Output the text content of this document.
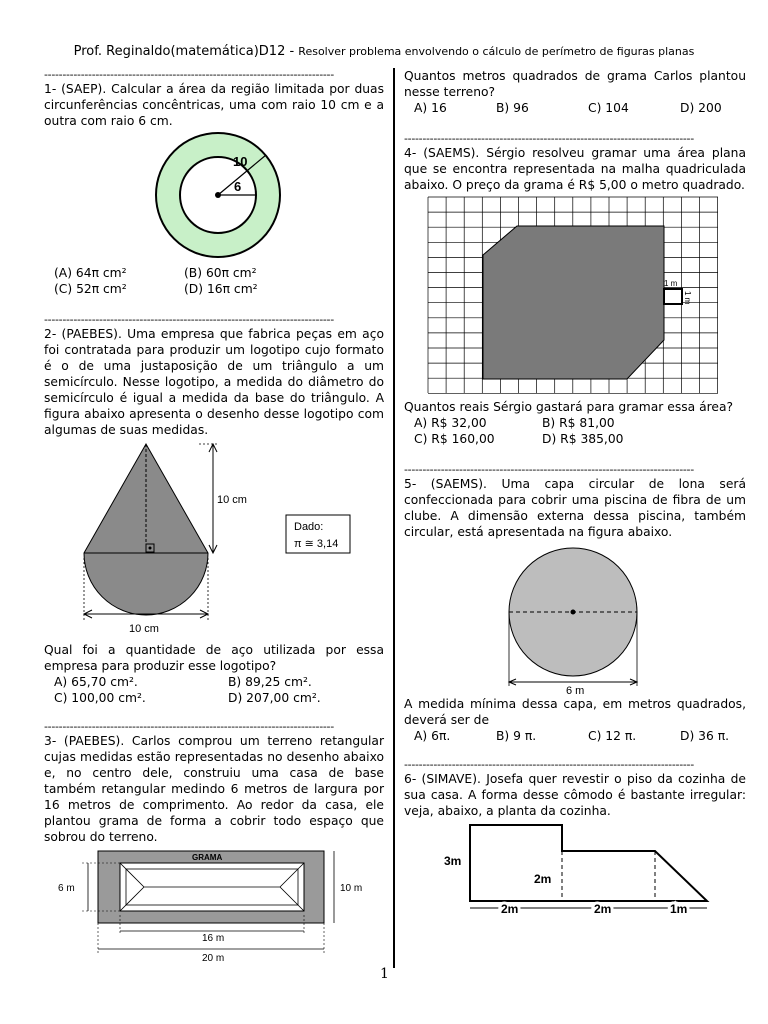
Prof. Reginaldo(matemática)D12 - Resolver problema envolvendo o cálculo de perímetro de figuras planas
-------------------------------------------------------------------------------

1- (SAEP). Calcular a área da região limitada por duas circunferências concêntricas, uma com raio 10 cm e a outra com raio 6 cm.

10
6
(A) 64π cm²	(B) 60π cm²
(C) 52π cm²	(D) 16π cm²
-------------------------------------------------------------------------------

2- (PAEBES). Uma empresa que fabrica peças em aço foi contratada para produzir um logotipo cujo formato é o de uma justaposição de um triângulo a um semicírculo. Nesse logotipo, a medida do diâmetro do semicírculo é igual a medida da base do triângulo. A figura abaixo apresenta o desenho desse logotipo com algumas de suas medidas.

10 cm
10 cm
Dado:
π ≅ 3,14

Qual foi a quantidade de aço utilizada por essa empresa para produzir esse logotipo?

A) 65,70 cm².	B) 89,25 cm².
C) 100,00 cm².	D) 207,00 cm².
-------------------------------------------------------------------------------

3- (PAEBES). Carlos comprou um terreno retangular cujas medidas estão representadas no desenho abaixo e, no centro dele, construiu uma casa de base também retangular medindo 6 metros de largura por 16 metros de comprimento. Ao redor da casa, ele plantou grama de forma a cobrir todo espaço que sobrou do terreno.

GRAMA
6 m	10 m
16 m
20 m

Quantos metros quadrados de grama Carlos plantou nesse terreno?

A) 16	B) 96	C) 104	D) 200
-------------------------------------------------------------------------------

4- (SAEMS). Sérgio resolveu gramar uma área plana que se encontra representada na malha quadriculada abaixo. O preço da grama é R$ 5,00 o metro quadrado.

1 m
1 m

Quantos reais Sérgio gastará para gramar essa área?

A) R$ 32,00	B) R$ 81,00
C) R$ 160,00	D) R$ 385,00
-------------------------------------------------------------------------------

5- (SAEMS). Uma capa circular de lona será confeccionada para cobrir uma piscina de fibra de um clube. A dimensão externa dessa piscina, também circular, está apresentada na figura abaixo.

6 m

A medida mínima dessa capa, em metros quadrados, deverá ser de

A) 6π.	B) 9 π.	C) 12 π.	D) 36 π.
-------------------------------------------------------------------------------

6- (SIMAVE). Josefa quer revestir o piso da cozinha de sua casa. A forma desse cômodo é bastante irregular: veja, abaixo, a planta da cozinha.

3m
2m
2m	2m	1m
1
